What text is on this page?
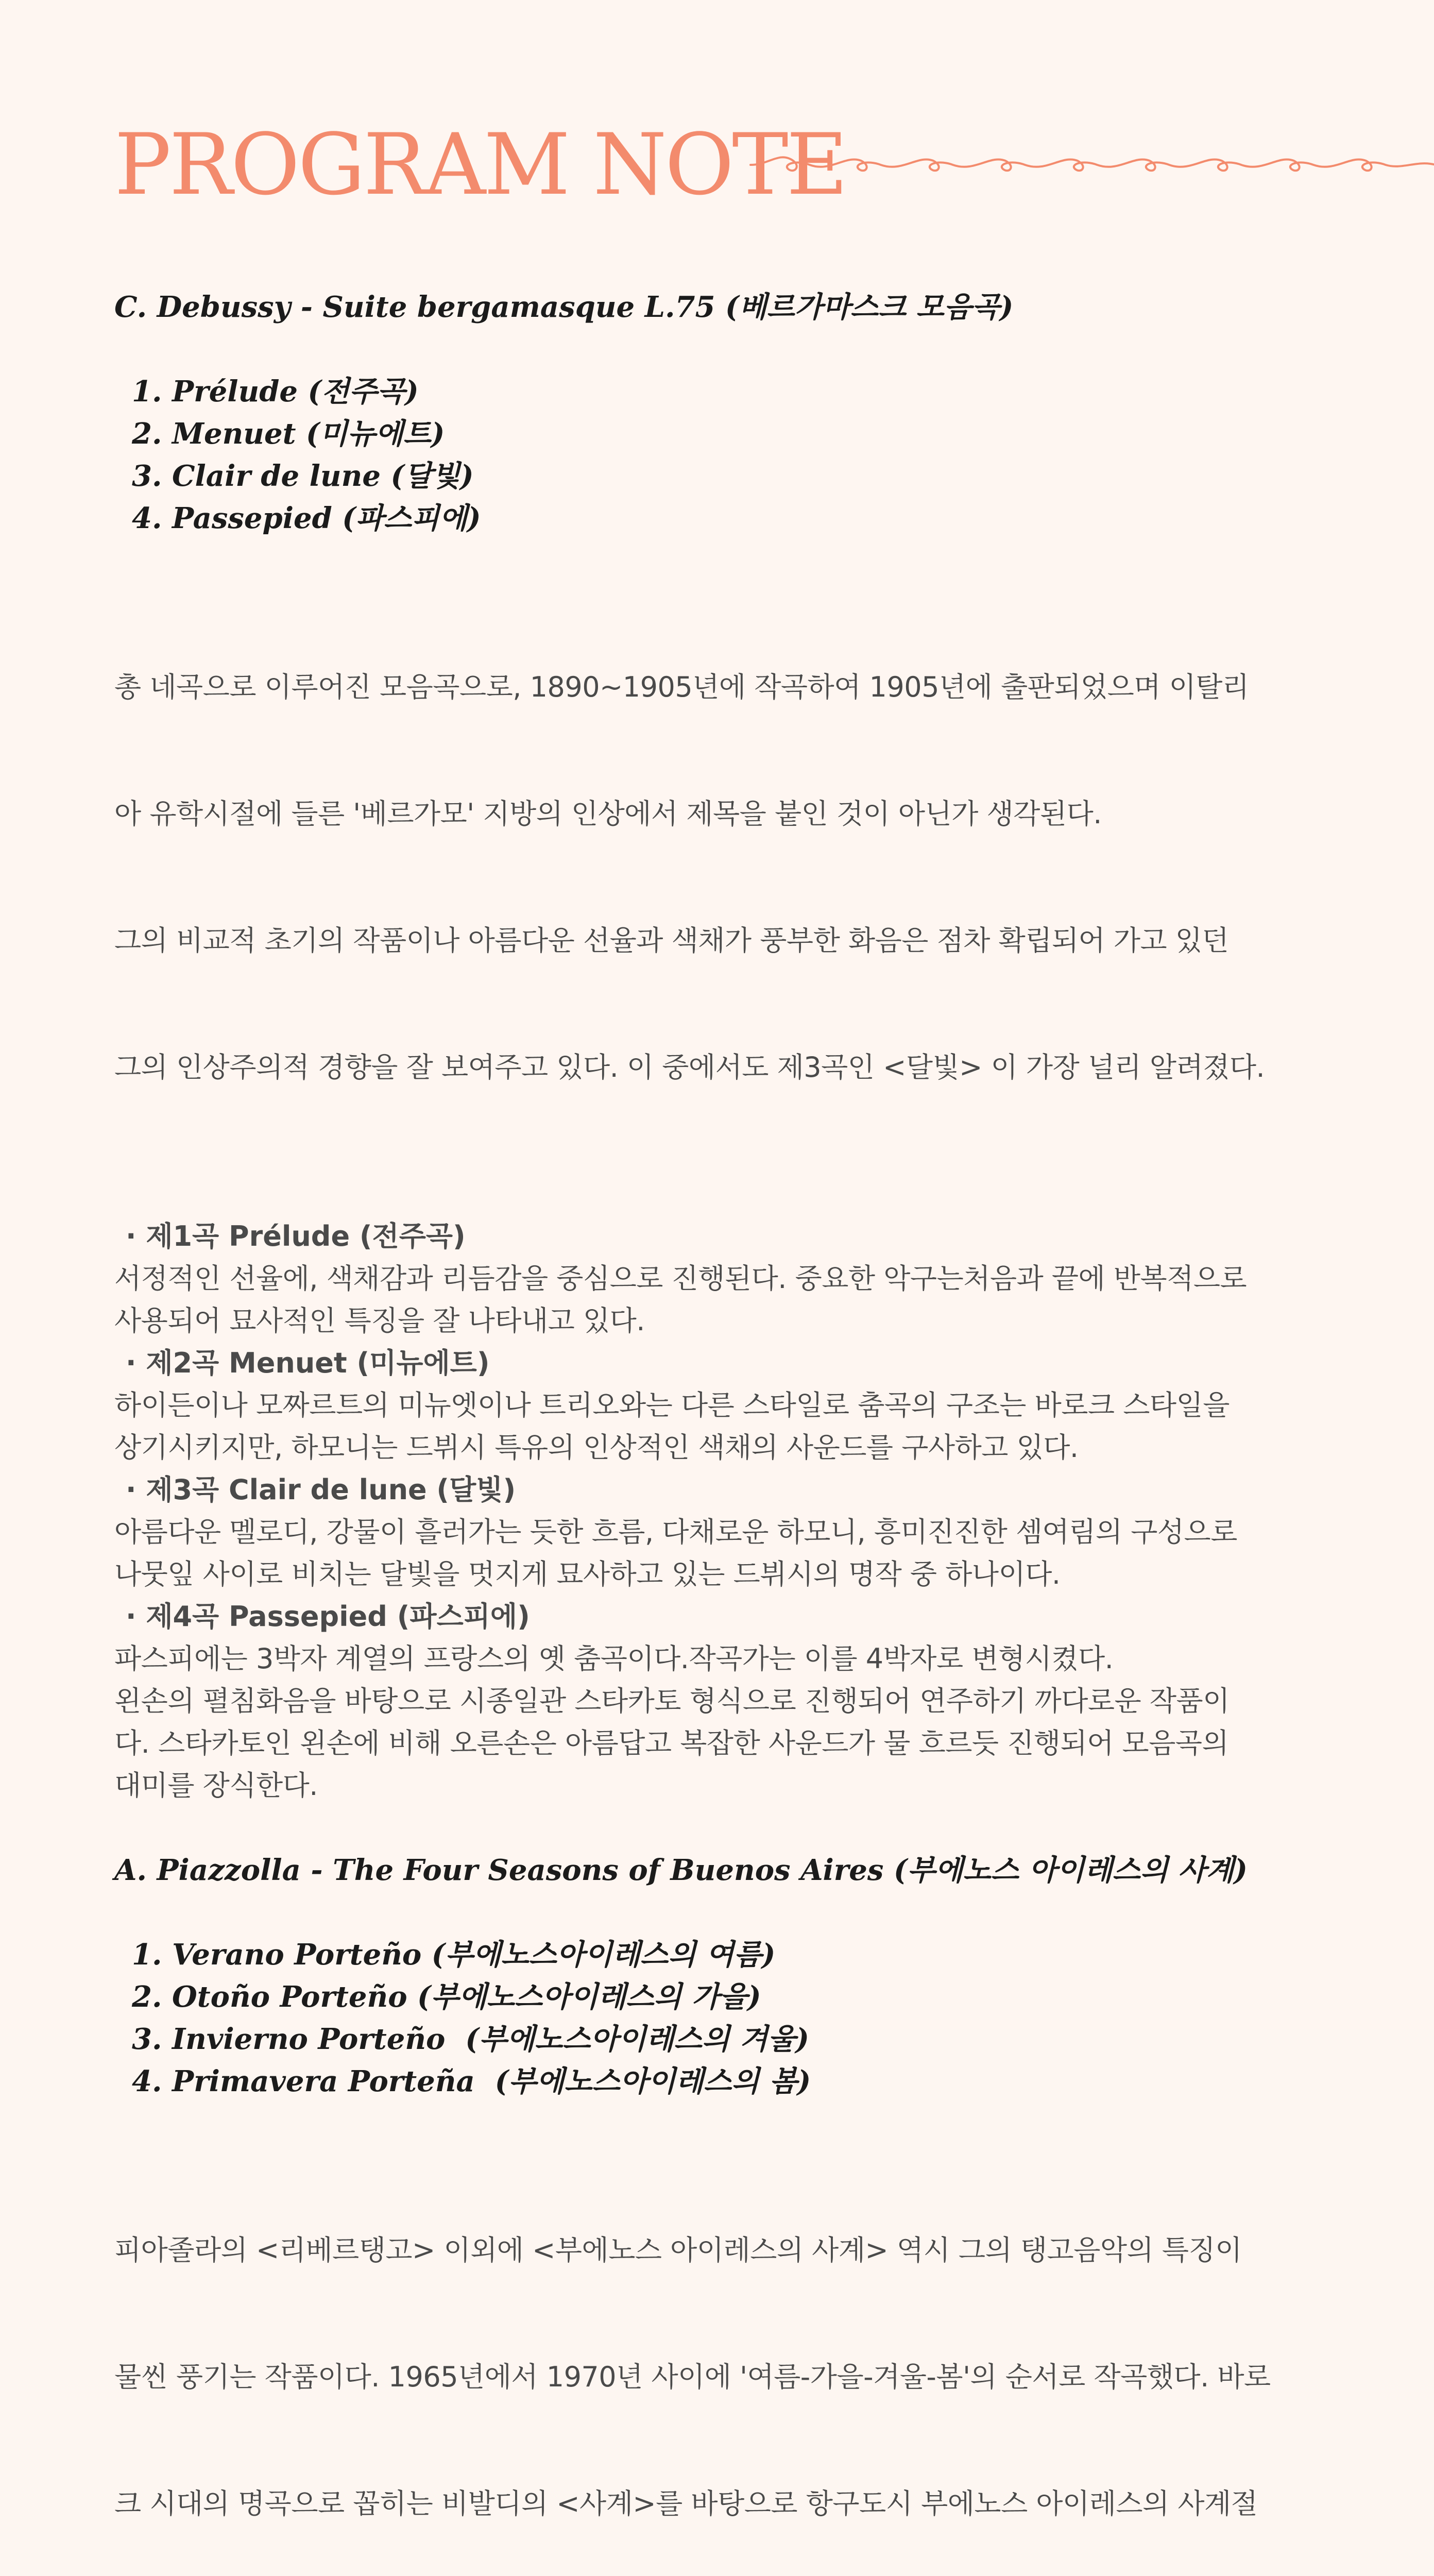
PROGRAM NOTE

C. Debussy - Suite bergamasque L.75 (베르가마스크 모음곡)

1. Prélude (전주곡)
2. Menuet (미뉴에트)
3. Clair de lune (달빛)
4. Passepied (파스피에)

총 네곡으로 이루어진 모음곡으로, 1890~1905년에 작곡하여 1905년에 출판되었으며 이탈리

아 유학시절에 들른 '베르가모' 지방의 인상에서 제목을 붙인 것이 아닌가 생각된다.

그의 비교적 초기의 작품이나 아름다운 선율과 색채가 풍부한 화음은 점차 확립되어 가고 있던

그의 인상주의적 경향을 잘 보여주고 있다. 이 중에서도 제3곡인 <달빛> 이 가장 널리 알려졌다.

· 제1곡 Prélude (전주곡)
서정적인 선율에, 색채감과 리듬감을 중심으로 진행된다. 중요한 악구는처음과 끝에 반복적으로
사용되어 묘사적인 특징을 잘 나타내고 있다.
· 제2곡 Menuet (미뉴에트)
하이든이나 모짜르트의 미뉴엣이나 트리오와는 다른 스타일로 춤곡의 구조는 바로크 스타일을
상기시키지만, 하모니는 드뷔시 특유의 인상적인 색채의 사운드를 구사하고 있다.
· 제3곡 Clair de lune (달빛)
아름다운 멜로디, 강물이 흘러가는 듯한 흐름, 다채로운 하모니, 흥미진진한 셈여림의 구성으로
나뭇잎 사이로 비치는 달빛을 멋지게 묘사하고 있는 드뷔시의 명작 중 하나이다.
· 제4곡 Passepied (파스피에)
파스피에는 3박자 계열의 프랑스의 옛 춤곡이다.작곡가는 이를 4박자로 변형시켰다.
왼손의 펼침화음을 바탕으로 시종일관 스타카토 형식으로 진행되어 연주하기 까다로운 작품이
다. 스타카토인 왼손에 비해 오른손은 아름답고 복잡한 사운드가 물 흐르듯 진행되어 모음곡의
대미를 장식한다.

A. Piazzolla - The Four Seasons of Buenos Aires (부에노스 아이레스의 사계)

1. Verano Porteño (부에노스아이레스의 여름)
2. Otoño Porteño (부에노스아이레스의 가을)
3. Invierno Porteño  (부에노스아이레스의 겨울)
4. Primavera Porteña  (부에노스아이레스의 봄)

피아졸라의 <리베르탱고> 이외에 <부에노스 아이레스의 사계> 역시 그의 탱고음악의 특징이

물씬 풍기는 작품이다. 1965년에서 1970년 사이에 '여름-가을-겨울-봄'의 순서로 작곡했다. 바로

크 시대의 명곡으로 꼽히는 비발디의 <사계>를 바탕으로 항구도시 부에노스 아이레스의 사계절
